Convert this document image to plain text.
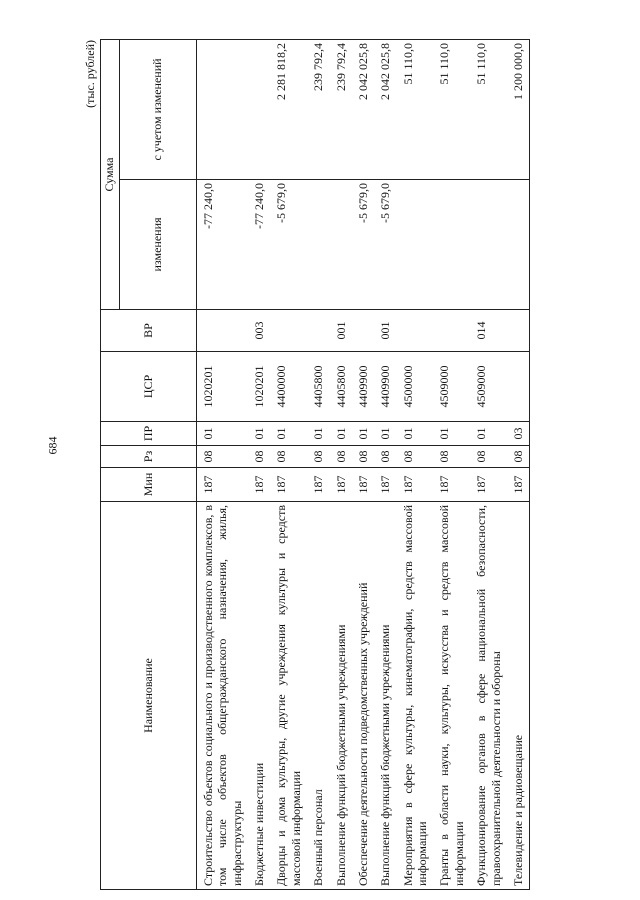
684
(тыс. рублей)
Наименование	Мин	Рз	ПР	ЦСР	ВР	Сумма	
						изменения	с учетом изменений
Строительство объектов социального и производственного комплексов, в том числе объектов общегражданского назначения, жилья, инфраструктуры	187	08	01	1020201		-77 240,0	
Бюджетные инвестиции	187	08	01	1020201	003	-77 240,0	
Дворцы и дома культуры, другие учреждения культуры и средств массовой информации	187	08	01	4400000		-5 679,0	2 281 818,2
Военный персонал	187	08	01	4405800			239 792,4
Выполнение функций бюджетными учреждениями	187	08	01	4405800	001		239 792,4
Обеспечение деятельности подведомственных учреждений	187	08	01	4409900		-5 679,0	2 042 025,8
Выполнение функций бюджетными учреждениями	187	08	01	4409900	001	-5 679,0	2 042 025,8
Мероприятия в сфере культуры, кинематографии, средств массовой информации	187	08	01	4500000			51 110,0
Гранты в области науки, культуры, искусства и средств массовой информации	187	08	01	4509000			51 110,0
Функционирование органов в сфере национальной безопасности, правоохранительной деятельности и обороны	187	08	01	4509000	014		51 110,0
Телевидение и радиовещание	187	08	03				1 200 000,0
